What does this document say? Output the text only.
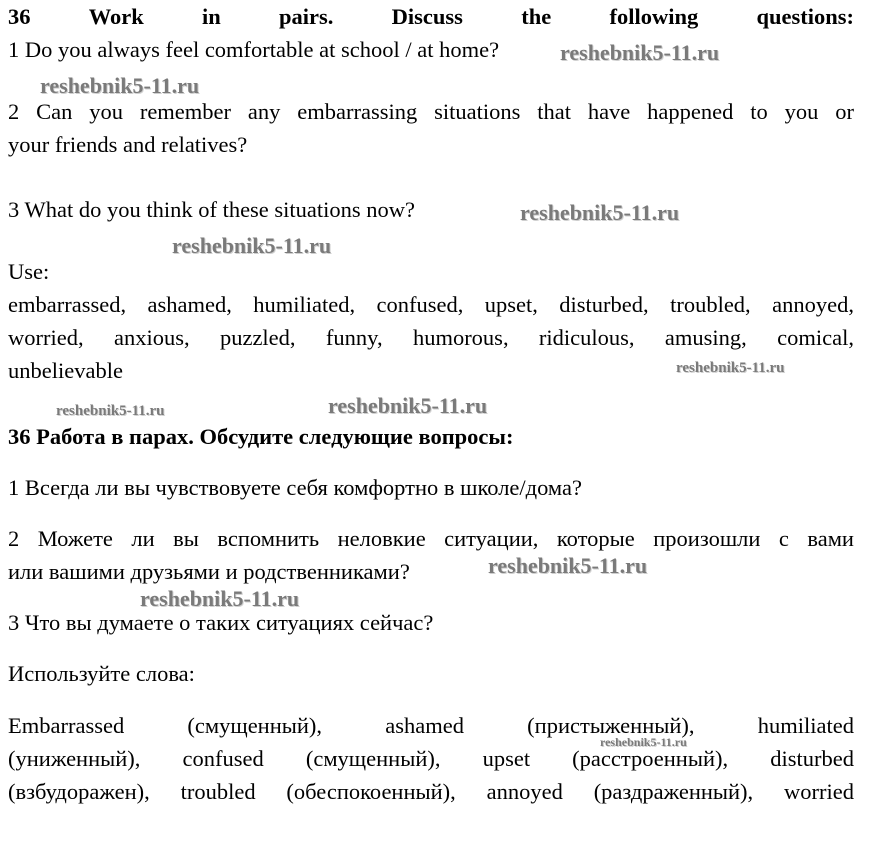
36	Work	in	pairs.	Discuss	the	following	questions:
1 Do you always feel comfortable at school / at home?
2 Can you remember any embarrassing situations that have happened to you or
your friends and relatives?
3 What do you think of these situations now?
Use:
embarrassed, ashamed, humiliated, confused, upset, disturbed, troubled, annoyed,
worried, anxious, puzzled, funny, humorous, ridiculous, amusing, comical,
unbelievable
36 Работа в парах. Обсудите следующие вопросы:
1 Всегда ли вы чувствовуете себя комфортно в школе/дома?
2 Можете ли вы вспомнить неловкие ситуации, которые произошли с вами
или вашими друзьями и родственниками?
3 Что вы думаете о таких ситуациях сейчас?
Используйте слова:
Embarrassed	(смущенный),	ashamed	(пристыженный),	humiliated
(униженный), confused (смущенный), upset (расстроенный), disturbed
(взбудоражен), troubled (обеспокоенный), annoyed (раздраженный), worried
reshebnik5-11.ru
reshebnik5-11.ru
reshebnik5-11.ru
reshebnik5-11.ru
reshebnik5-11.ru
reshebnik5-11.ru	reshebnik5-11.ru
reshebnik5-11.ru
reshebnik5-11.ru
reshebnik5-11.ru
